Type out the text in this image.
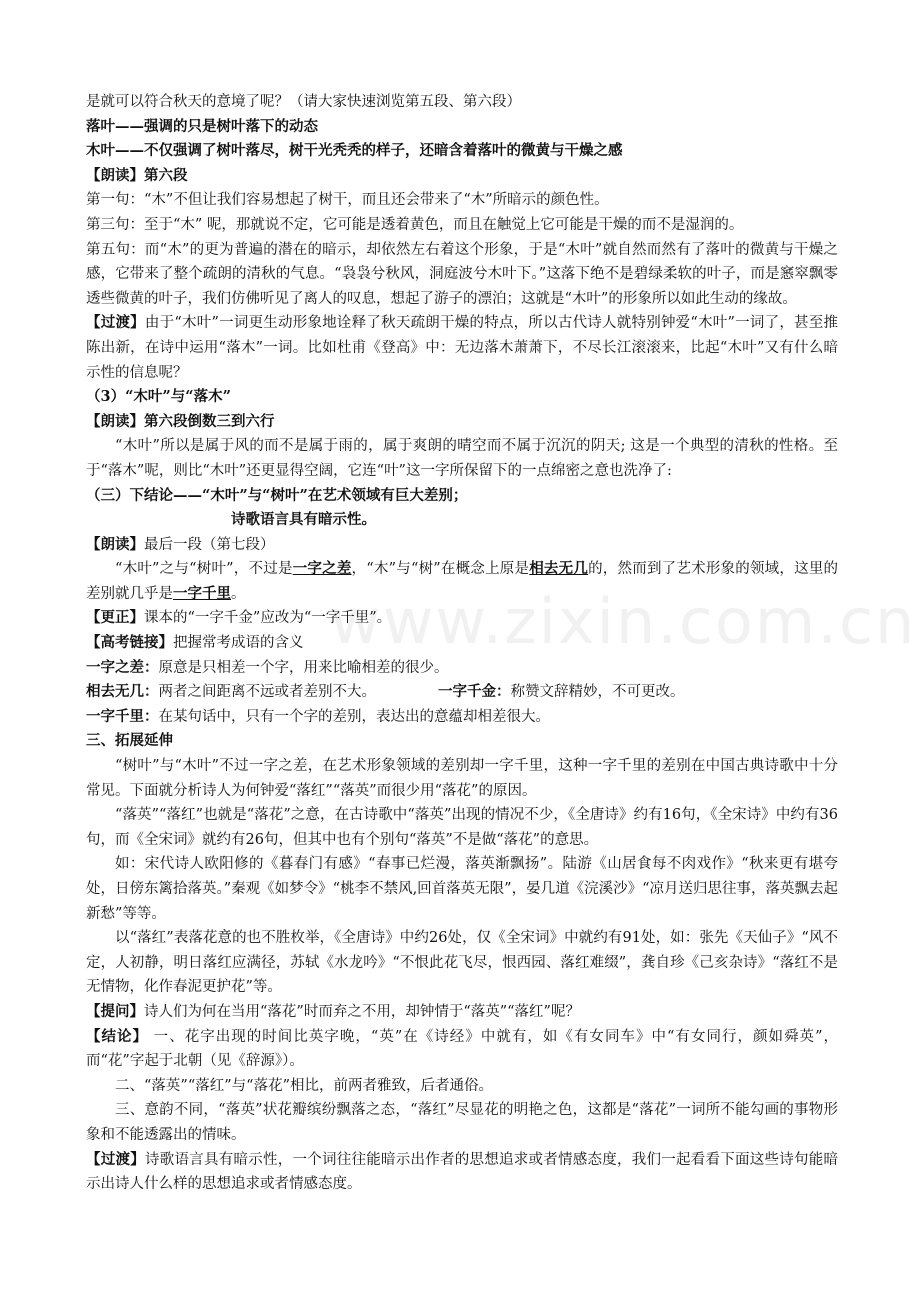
www.zixin.com.cn

是就可以符合秋天的意境了呢？（请大家快速浏览第五段、第六段）

落叶——强调的只是树叶落下的动态

木叶——不仅强调了树叶落尽，树干光秃秃的样子，还暗含着落叶的微黄与干燥之感

【朗读】第六段

第一句：“木”不但让我们容易想起了树干，而且还会带来了“木”所暗示的颜色性。

第三句：至于“木” 呢，那就说不定，它可能是透着黄色，而且在触觉上它可能是干燥的而不是湿润的。

第五句：而“木”的更为普遍的潜在的暗示，却依然左右着这个形象，于是“木叶”就自然而然有了落叶的微黄与干燥之感，它带来了整个疏朗的清秋的气息。“袅袅兮秋风，洞庭波兮木叶下。”这落下绝不是碧绿柔软的叶子，而是窸窣飘零透些微黄的叶子，我们仿佛听见了离人的叹息，想起了游子的漂泊；这就是“木叶”的形象所以如此生动的缘故。

【过渡】由于“木叶”一词更生动形象地诠释了秋天疏朗干燥的特点，所以古代诗人就特别钟爱“木叶”一词了，甚至推陈出新，在诗中运用“落木”一词。比如杜甫《登高》中：无边落木萧萧下，不尽长江滚滚来，比起“木叶”又有什么暗示性的信息呢？

（3）“木叶”与“落木”

【朗读】第六段倒数三到六行

“木叶”所以是属于风的而不是属于雨的，属于爽朗的晴空而不属于沉沉的阴天; 这是一个典型的清秋的性格。至于“落木”呢，则比“木叶”还更显得空阔，它连“叶”这一字所保留下的一点绵密之意也洗净了:

（三）下结论——“木叶”与“树叶”在艺术领域有巨大差别；

诗歌语言具有暗示性。

【朗读】最后一段（第七段）

“木叶”之与“树叶”，不过是一字之差，“木”与“树”在概念上原是相去无几的，然而到了艺术形象的领域，这里的差别就几乎是一字千里。

【更正】课本的“一字千金”应改为“一字千里”。

【高考链接】把握常考成语的含义

一字之差：原意是只相差一个字，用来比喻相差的很少。

相去无几：两者之间距离不远或者差别不大。	一字千金：称赞文辞精妙，不可更改。

一字千里：在某句话中，只有一个字的差别，表达出的意蕴却相差很大。

三、拓展延伸

“树叶”与“木叶”不过一字之差，在艺术形象领域的差别却一字千里，这种一字千里的差别在中国古典诗歌中十分常见。下面就分析诗人为何钟爱“落红”“落英”而很少用“落花”的原因。

“落英”“落红”也就是“落花”之意，在古诗歌中“落英”出现的情况不少，《全唐诗》约有16句，《全宋诗》中约有36句，而《全宋词》就约有26句，但其中也有个别句“落英”不是做“落花”的意思。

如：宋代诗人欧阳修的《暮春门有感》“春事已烂漫，落英渐飘扬”。陆游《山居食每不肉戏作》“秋来更有堪夸处，日傍东篱拾落英。”秦观《如梦令》“桃李不禁风,回首落英无限”，晏几道《浣溪沙》“凉月送归思往事，落英飘去起新愁”等等。

以“落红”表落花意的也不胜枚举，《全唐诗》中约26处，仅《全宋词》中就约有91处，如：张先《天仙子》“风不定，人初静，明日落红应满径，苏轼《水龙吟》“不恨此花飞尽，恨西园、落红难缀”，龚自珍《己亥杂诗》“落红不是无情物，化作春泥更护花”等。

【提问】诗人们为何在当用“落花”时而弃之不用，却钟情于“落英”“落红”呢？

【结论】 一、花字出现的时间比英字晚，“英”在《诗经》中就有，如《有女同车》中“有女同行，颜如舜英”，而“花”字起于北朝（见《辞源》）。

二、“落英”“落红”与“落花”相比，前两者雅致，后者通俗。

三、意韵不同，“落英”状花瓣缤纷飘落之态，“落红”尽显花的明艳之色，这都是“落花”一词所不能勾画的事物形象和不能透露出的情味。

【过渡】诗歌语言具有暗示性，一个词往往能暗示出作者的思想追求或者情感态度，我们一起看看下面这些诗句能暗示出诗人什么样的思想追求或者情感态度。
